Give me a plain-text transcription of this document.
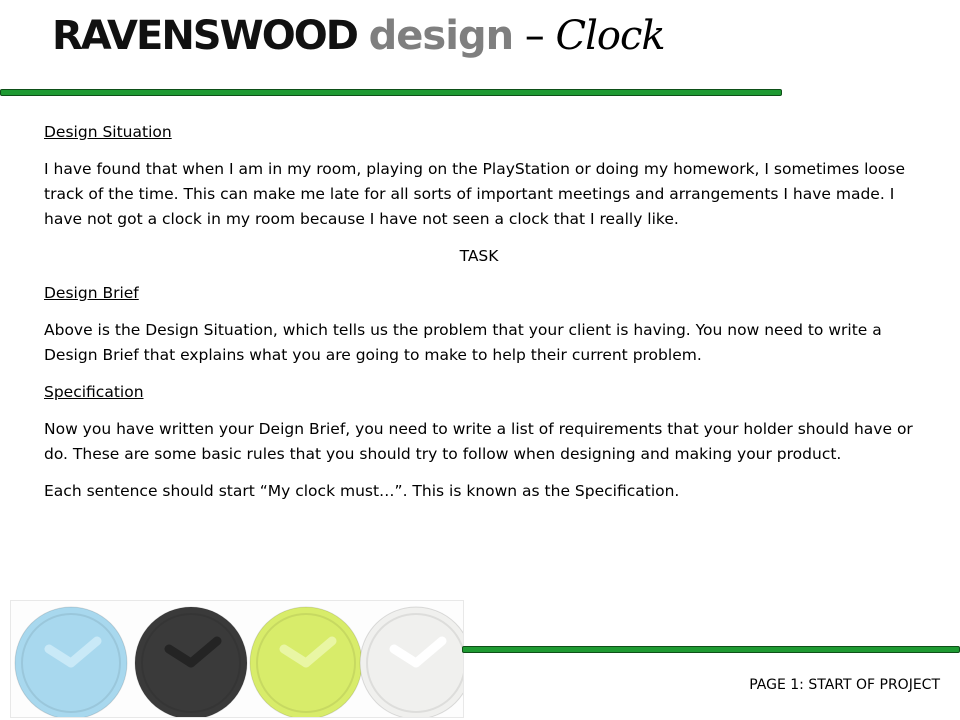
RAVENSWOOD design – Clock

Design Situation

I have found that when I am in my room, playing on the PlayStation or doing my homework, I sometimes loose track of the time. This can make me late for all sorts of important meetings and arrangements I have made. I have not got a clock in my room because I have not seen a clock that I really like.

TASK

Design Brief

Above is the Design Situation, which tells us the problem that your client is having. You now need to write a Design Brief that explains what you are going to make to help their current problem.

Specification

Now you have written your Deign Brief, you need to write a list of requirements that your holder should have or do. These are some basic rules that you should try to follow when designing and making your product.

Each sentence should start “My clock must…”. This is known as the Specification.

PAGE 1: START OF PROJECT
